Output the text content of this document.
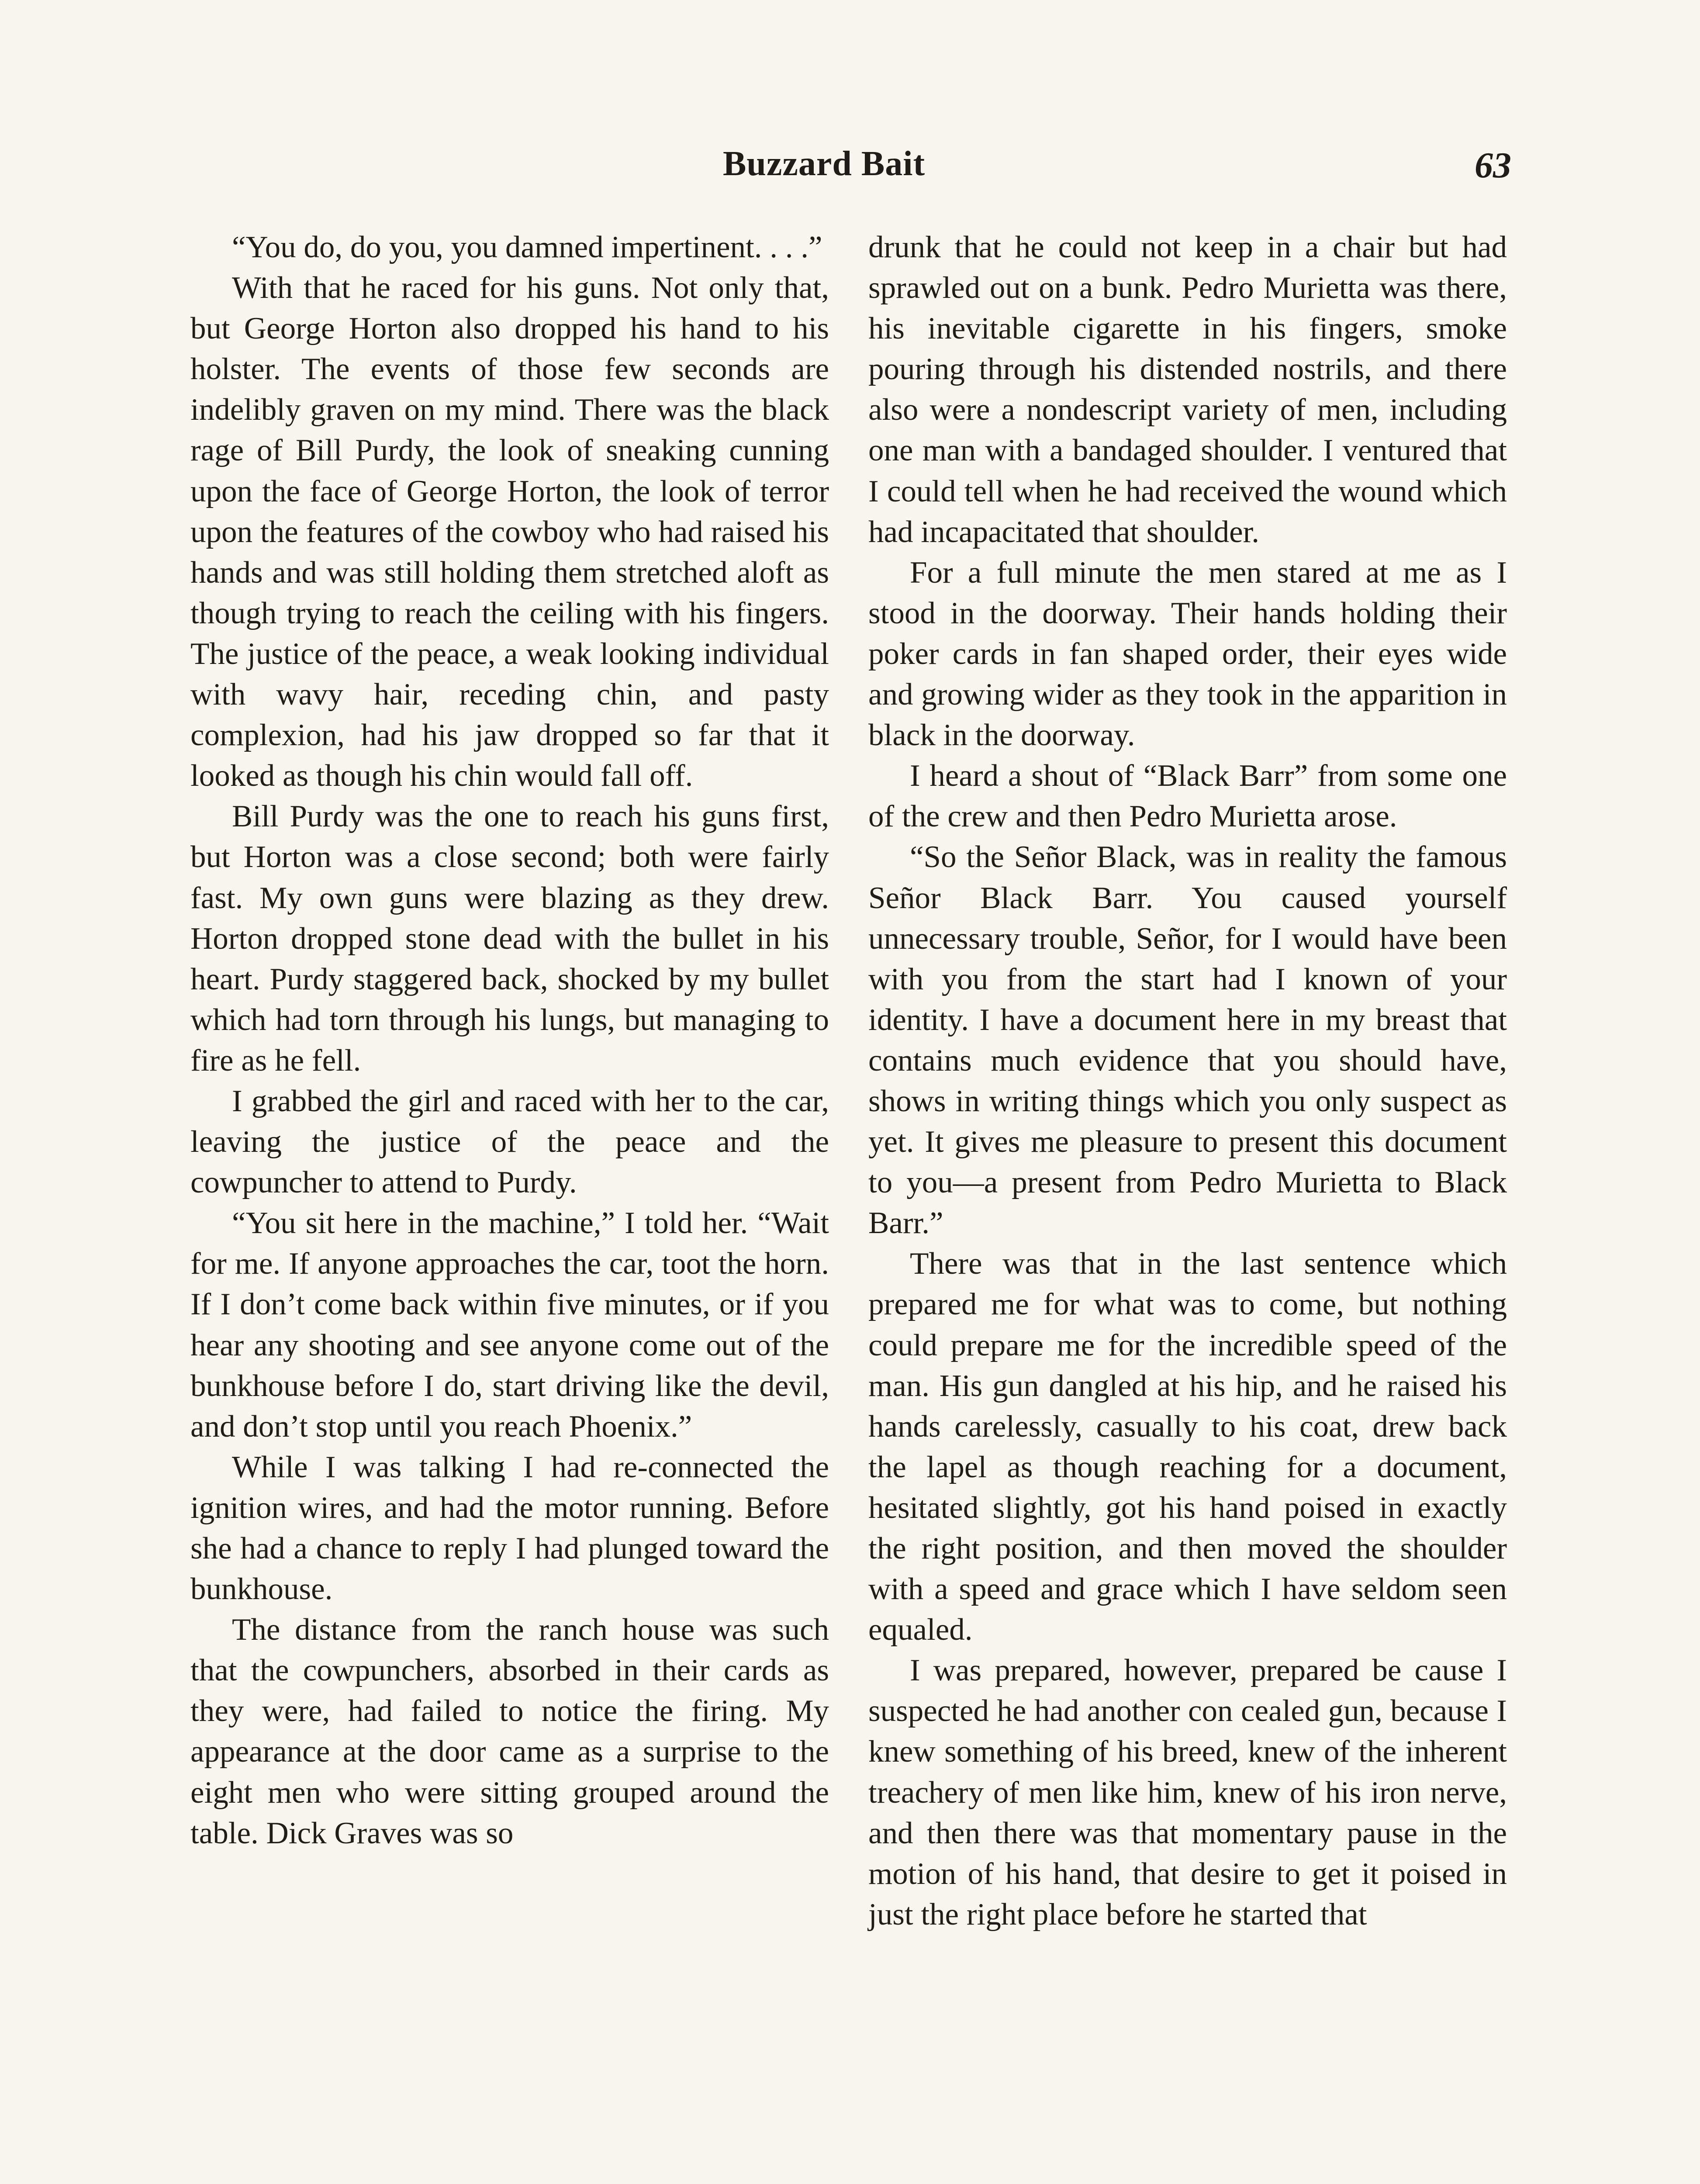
Buzzard Bait	63

“You do, do you, you damned impertinent. . . .”

With that he raced for his guns. Not only that, but George Horton also dropped his hand to his holster. The events of those few seconds are indelibly graven on my mind. There was the black rage of Bill Purdy, the look of sneaking cunning upon the face of George Horton, the look of terror upon the features of the cowboy who had raised his hands and was still holding them stretched aloft as though trying to reach the ceiling with his fingers. The justice of the peace, a weak looking individual with wavy hair, receding chin, and pasty complexion, had his jaw dropped so far that it looked as though his chin would fall off.

Bill Purdy was the one to reach his guns first, but Horton was a close second; both were fairly fast. My own guns were blazing as they drew. Horton dropped stone dead with the bullet in his heart. Purdy staggered back, shocked by my bullet which had torn through his lungs, but managing to fire as he fell.

I grabbed the girl and raced with her to the car, leaving the justice of the peace and the cowpuncher to attend to Purdy.

“You sit here in the machine,” I told her. “Wait for me. If anyone approaches the car, toot the horn. If I don’t come back within five minutes, or if you hear any shooting and see anyone come out of the bunkhouse before I do, start driving like the devil, and don’t stop until you reach Phoenix.”

While I was talking I had re-connected the ignition wires, and had the motor running. Before she had a chance to reply I had plunged toward the bunkhouse.

The distance from the ranch house was such that the cowpunchers, absorbed in their cards as they were, had failed to notice the firing. My appearance at the door came as a surprise to the eight men who were sitting grouped around the table. Dick Graves was so

drunk that he could not keep in a chair but had sprawled out on a bunk. Pedro Murietta was there, his inevitable cigarette in his fingers, smoke pouring through his distended nostrils, and there also were a nondescript variety of men, including one man with a bandaged shoulder. I ventured that I could tell when he had received the wound which had incapacitated that shoulder.

For a full minute the men stared at me as I stood in the doorway. Their hands holding their poker cards in fan shaped order, their eyes wide and growing wider as they took in the apparition in black in the doorway.

I heard a shout of “Black Barr” from some one of the crew and then Pedro Murietta arose.

“So the Señor Black, was in reality the famous Señor Black Barr. You caused yourself unnecessary trouble, Señor, for I would have been with you from the start had I known of your identity. I have a document here in my breast that contains much evidence that you should have, shows in writing things which you only suspect as yet. It gives me pleasure to present this document to you—a present from Pedro Murietta to Black Barr.”

There was that in the last sentence which prepared me for what was to come, but nothing could prepare me for the incredible speed of the man. His gun dangled at his hip, and he raised his hands carelessly, casually to his coat, drew back the lapel as though reaching for a document, hesitated slightly, got his hand poised in exactly the right position, and then moved the shoulder with a speed and grace which I have seldom seen equaled.

I was prepared, however, prepared be cause I suspected he had another con cealed gun, because I knew something of his breed, knew of the inherent treachery of men like him, knew of his iron nerve, and then there was that momentary pause in the motion of his hand, that desire to get it poised in just the right place before he started that
